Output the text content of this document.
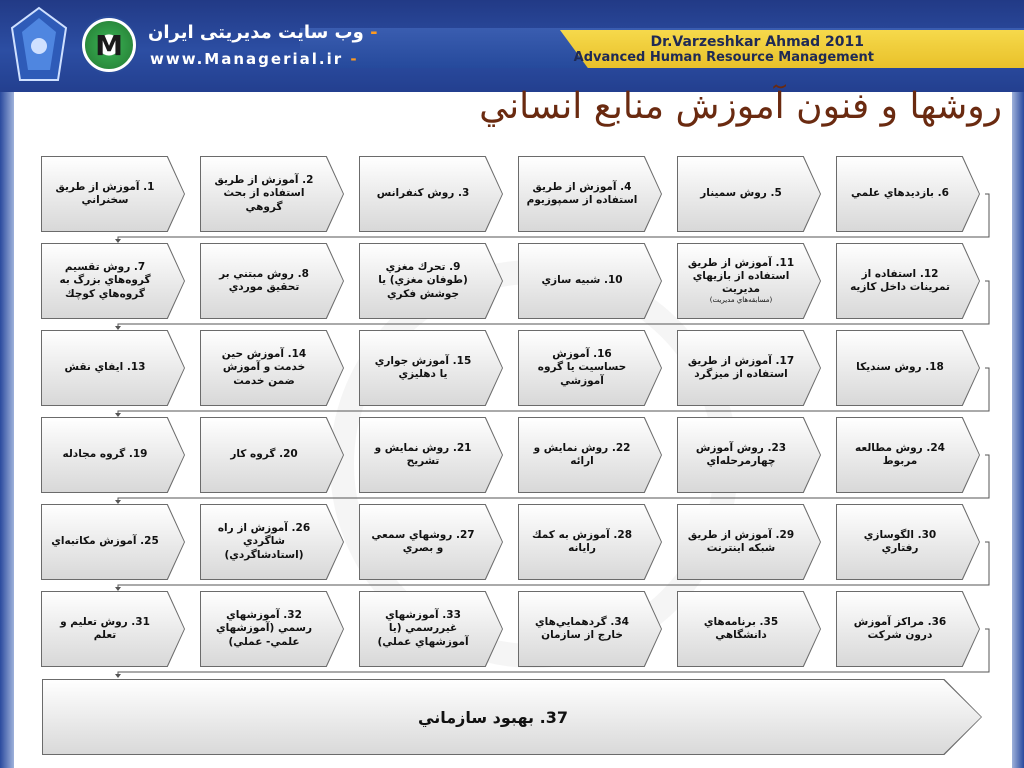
M	- وب سايت مديريتی ايران
www.Managerial.ir -
Dr.Varzeshkar Ahmad 2011
Advanced Human Resource Management
روشها و فنون آموزش منابع انساني
1. آموزش از طريق
سخنراني
2. آموزش از طريق
استفاده از بحث
گروهي
3. روش كنفرانس
4. آموزش از طريق
استفاده از سمپوزيوم
5. روش سمينار	6. بازديدهاي علمي
7. روش تقسيم
گروه‌هاي بزرگ به
گروه‌هاي كوچك
8. روش مبتني بر
تحقيق موردي
9. تحرك مغزي
(طوفان مغزي) يا
جوشش فكري
10. شبيه سازي
11. آموزش از طريق
استفاده از بازيهاي
مديريت
(مسابقه‌هاي مديريت)
12. استفاده از
تمرينات داخل كازيه
13. ايفاي نقش
14. آموزش حين
خدمت و آموزش
ضمن خدمت
15. آموزش جواري
يا دهليزي
16. آموزش
حساسيت يا گروه
آموزشي
17. آموزش از طريق
استفاده از ميزگرد
18. روش سنديكا
19. گروه مجادله	20. گروه كار
21. روش نمايش و
تشريح
22. روش نمايش و
ارائه
23. روش آموزش
چهارمرحله‌اي
24. روش مطالعه
مربوط
25. آموزش مكاتبه‌اي
26. آموزش از راه
شاگردي
(استادشاگردي)
27. روشهاي سمعي
و بصري
28. آموزش به كمك
رايانه
29. آموزش از طريق
شبكه اينترنت
30. الگوسازي
رفتاري
31. روش تعليم و
تعلم
32. آموزشهاي
رسمي (آموزشهاي
علمي- عملي)
33. آموزشهاي
غيررسمي (يا
آموزشهاي عملي)
34. گردهمايي‌هاي
خارج از سازمان
35. برنامه‌هاي
دانشگاهي
36. مراكز آموزش
درون شركت
37.

بهبود سازماني
